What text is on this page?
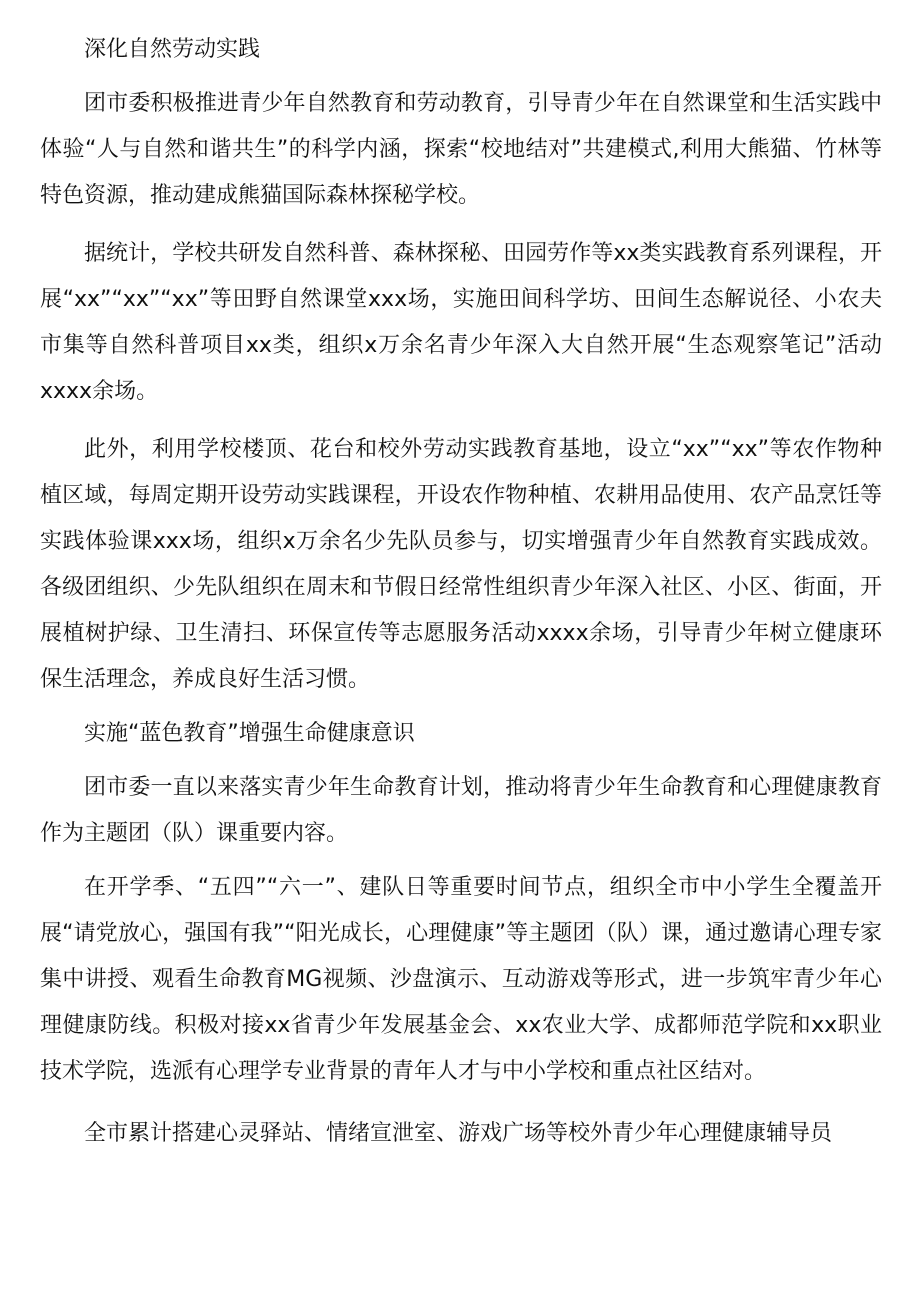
深化自然劳动实践

团市委积极推进青少年自然教育和劳动教育，引导青少年在自然课堂和生活实践中体验“人与自然和谐共生”的科学内涵，探索“校地结对”共建模式,利用大熊猫、竹林等特色资源，推动建成熊猫国际森林探秘学校。

据统计，学校共研发自然科普、森林探秘、田园劳作等xx类实践教育系列课程，开展“xx”“xx”“xx”等田野自然课堂xxx场，实施田间科学坊、田间生态解说径、小农夫市集等自然科普项目xx类，组织x万余名青少年深入大自然开展“生态观察笔记”活动xxxx余场。

此外，利用学校楼顶、花台和校外劳动实践教育基地，设立“xx”“xx”等农作物种植区域，每周定期开设劳动实践课程，开设农作物种植、农耕用品使用、农产品烹饪等实践体验课xxx场，组织x万余名少先队员参与，切实增强青少年自然教育实践成效。各级团组织、少先队组织在周末和节假日经常性组织青少年深入社区、小区、街面，开展植树护绿、卫生清扫、环保宣传等志愿服务活动xxxx余场，引导青少年树立健康环保生活理念，养成良好生活习惯。

实施“蓝色教育”增强生命健康意识

团市委一直以来落实青少年生命教育计划，推动将青少年生命教育和心理健康教育作为主题团（队）课重要内容。

在开学季、“五四”“六一”、建队日等重要时间节点，组织全市中小学生全覆盖开展“请党放心，强国有我”“阳光成长，心理健康”等主题团（队）课，通过邀请心理专家集中讲授、观看生命教育MG视频、沙盘演示、互动游戏等形式，进一步筑牢青少年心理健康防线。积极对接xx省青少年发展基金会、xx农业大学、成都师范学院和xx职业技术学院，选派有心理学专业背景的青年人才与中小学校和重点社区结对。

全市累计搭建心灵驿站、情绪宣泄室、游戏广场等校外青少年心理健康辅导员
